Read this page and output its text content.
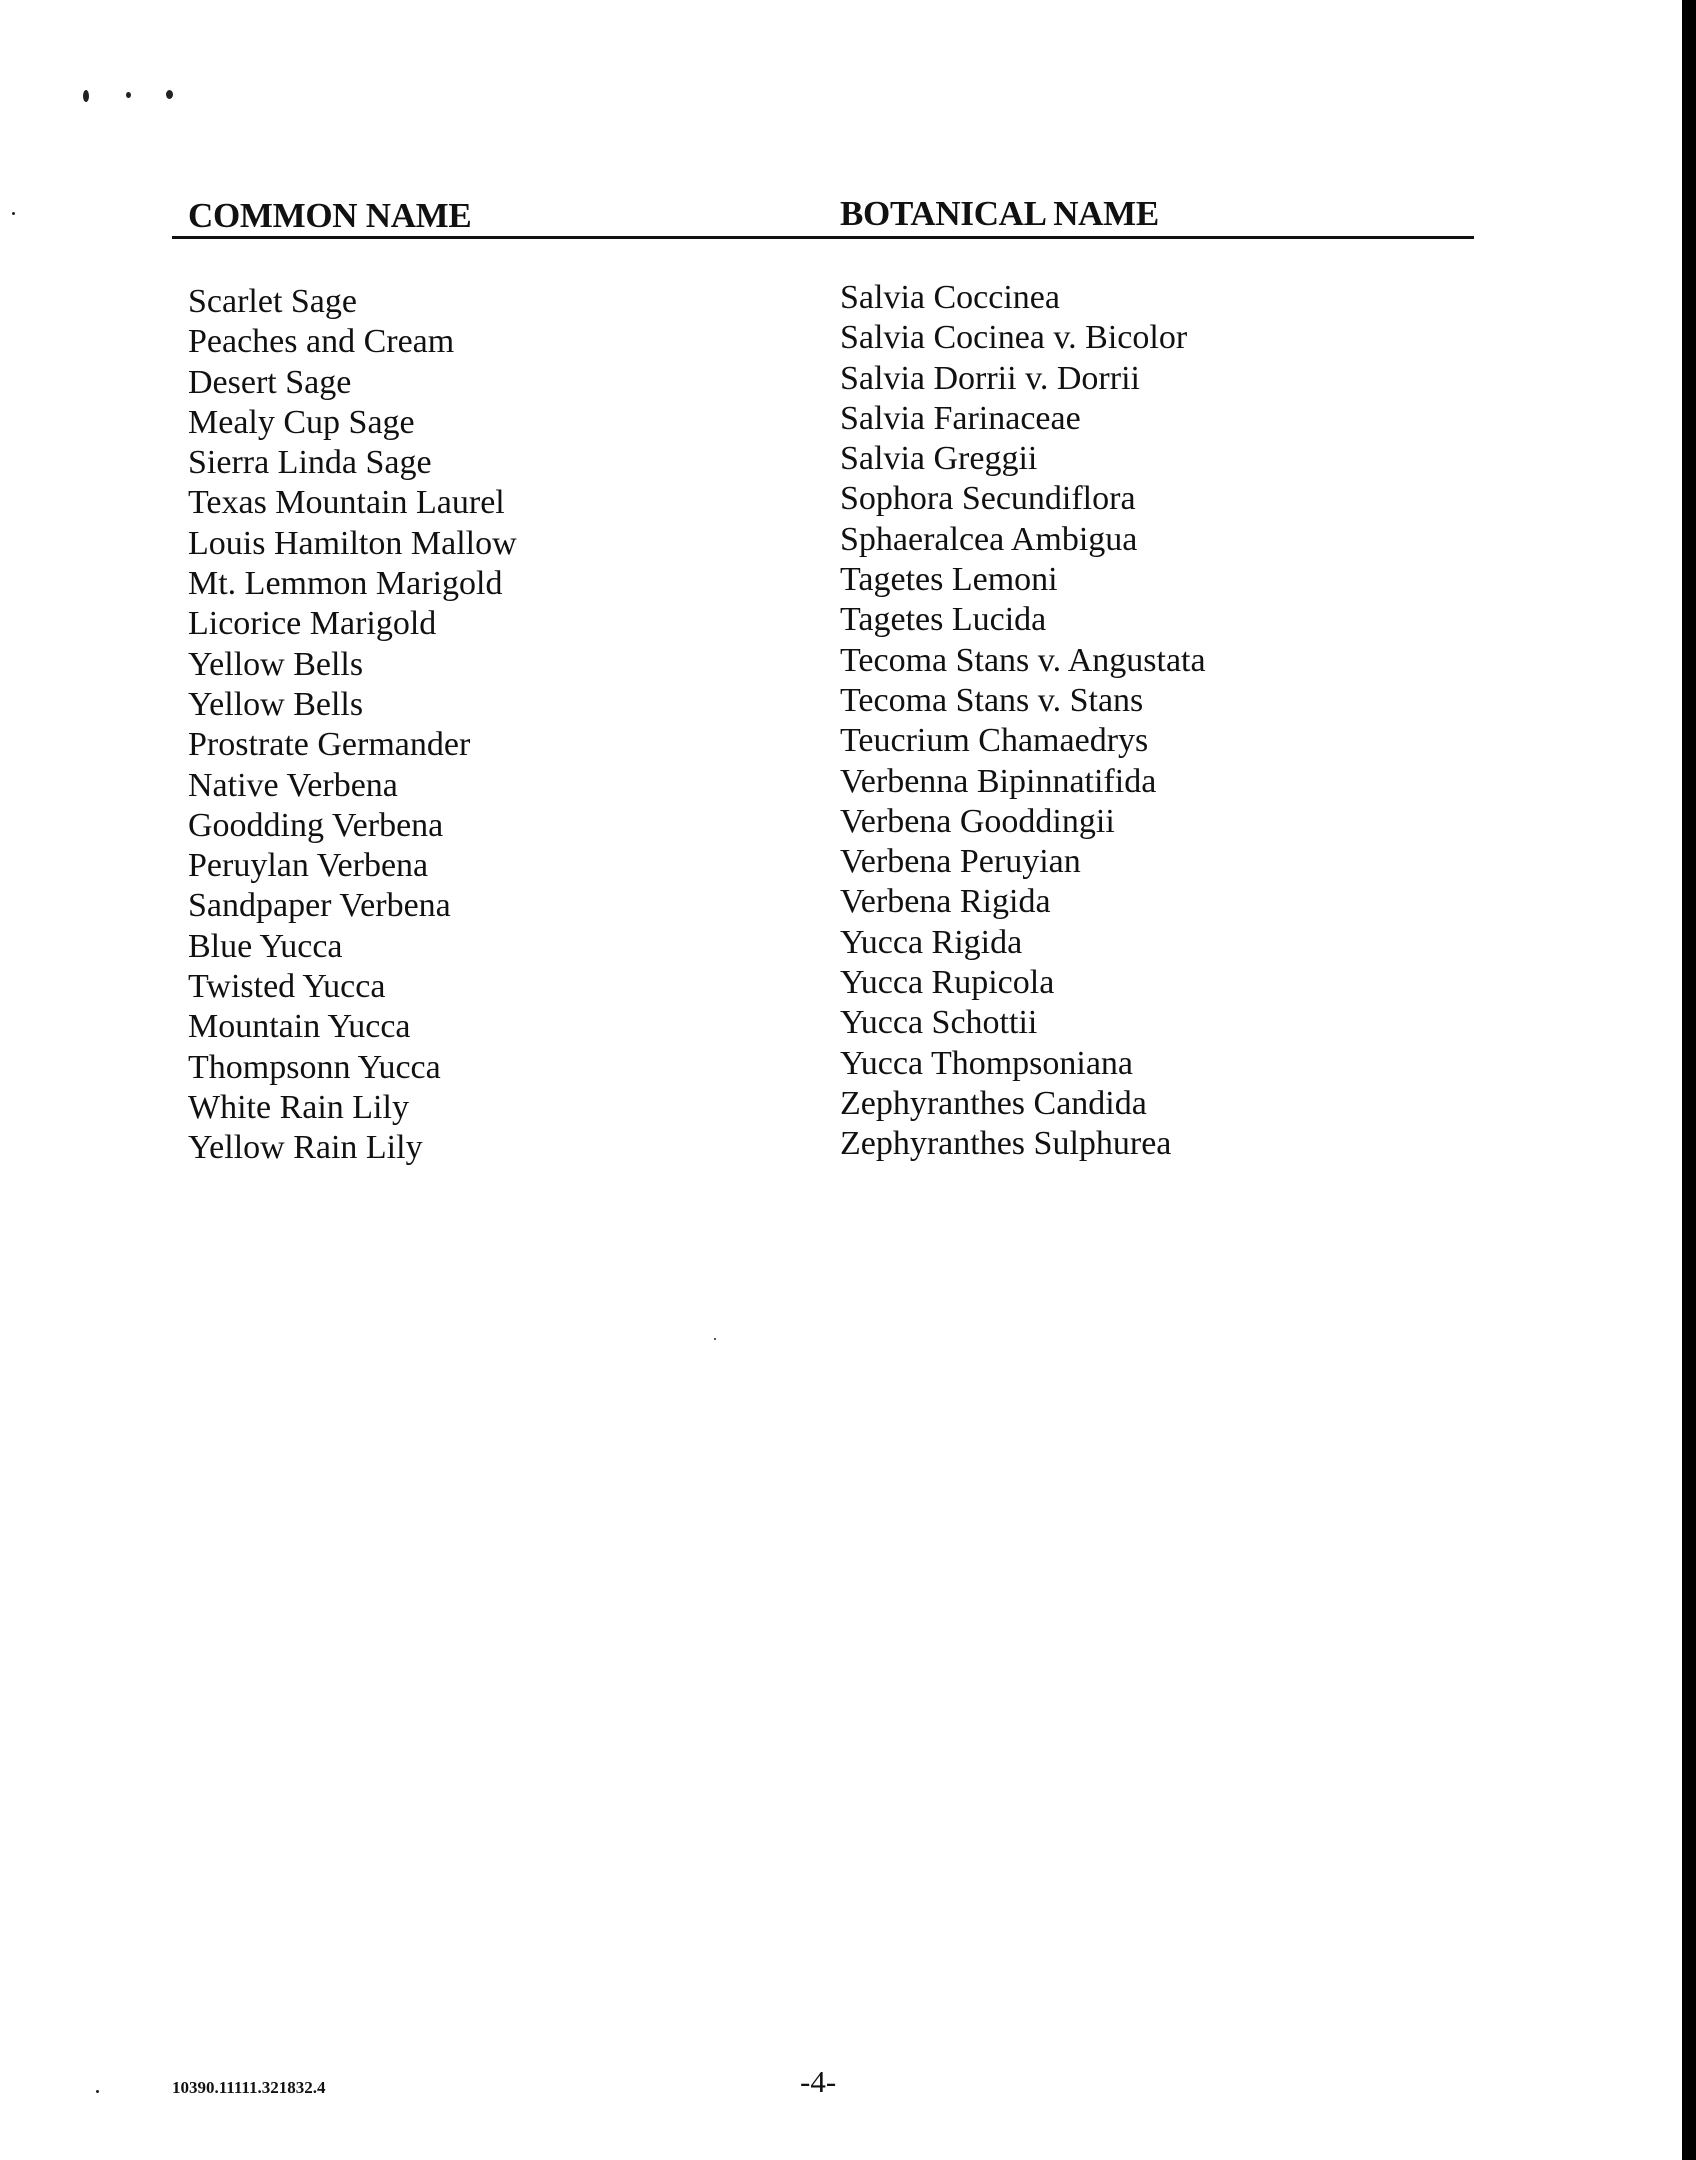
COMMON NAME	BOTANICAL NAME
Scarlet Sage
Peaches and Cream
Desert Sage
Mealy Cup Sage
Sierra Linda Sage
Texas Mountain Laurel
Louis Hamilton Mallow
Mt. Lemmon Marigold
Licorice Marigold
Yellow Bells
Yellow Bells
Prostrate Germander
Native Verbena
Goodding Verbena
Peruylan Verbena
Sandpaper Verbena
Blue Yucca
Twisted Yucca
Mountain Yucca
Thompsonn Yucca
White Rain Lily
Yellow Rain Lily
Salvia Coccinea
Salvia Cocinea v. Bicolor
Salvia Dorrii v. Dorrii
Salvia Farinaceae
Salvia Greggii
Sophora Secundiflora
Sphaeralcea Ambigua
Tagetes Lemoni
Tagetes Lucida
Tecoma Stans v. Angustata
Tecoma Stans v. Stans
Teucrium Chamaedrys
Verbenna Bipinnatifida
Verbena Gooddingii
Verbena Peruyian
Verbena Rigida
Yucca Rigida
Yucca Rupicola
Yucca Schottii
Yucca Thompsoniana
Zephyranthes Candida
Zephyranthes Sulphurea
10390.11111.321832.4	-4-
